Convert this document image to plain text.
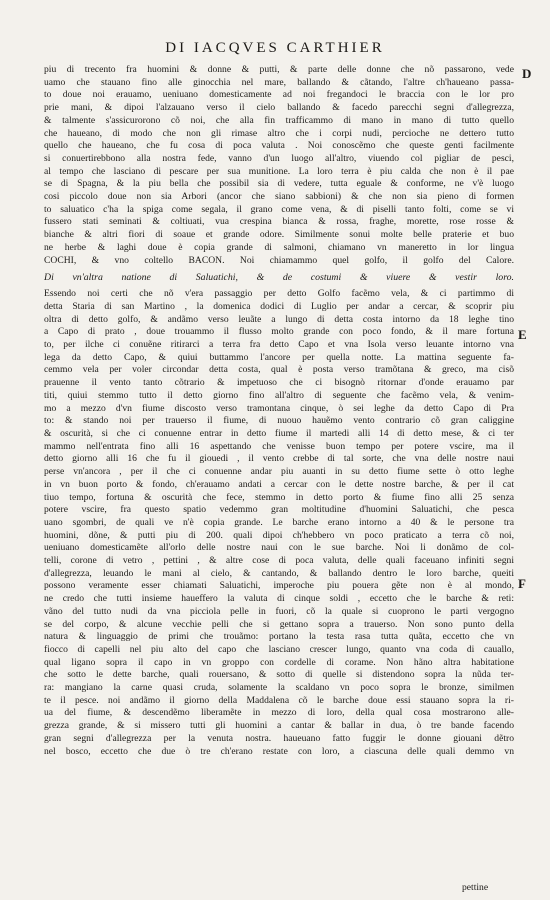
DI IACQVES CARTHIER
D
E
F
piu di trecento fra huomini & donne & putti, & parte delle donne che nõ passarono, vede
uamo che stauano fino alle ginocchia nel mare, ballando & cãtando, l'altre ch'haueano passa-
to doue noi erauamo, ueniuano domesticamente ad noi fregandoci le braccia con le lor pro
prie mani, & dipoi l'alzauano verso il cielo ballando & facedo parecchi segni d'allegrezza,
& talmente s'assicurorono cõ noi, che alla fin trafficammo di mano in mano di tutto quello
che haueano, di modo che non gli rimase altro che i corpi nudi, percioche ne dettero tutto
quello che haueano, che fu cosa di poca valuta . Noi conoscẽmo che queste genti facilmente
si conuertirebbono alla nostra fede, vanno d'un luogo all'altro, viuendo col pigliar de pesci,
al tempo che lasciano di pescare per sua munitione. La loro terra è piu calda che non è il pae
se di Spagna, & la piu bella che possibil sia di vedere, tutta eguale & conforme, ne v'è luogo
cosi piccolo doue non sia Arbori (ancor che siano sabbioni) & che non sia pieno di formen
to saluatico c'ha la spiga come segala, il grano come vena, & di piselli tanto folti, come se vi
fussero stati seminati & coltiuati, vua crespina bianca & rossa, fraghe, morette, rose rosse &
bianche & altri fiori di soaue et grande odore. Similmente sonui molte belle praterie et buo
ne herbe & laghi doue è copia grande di salmoni, chiamano vn maneretto in lor lingua
COCHI, & vno coltello BACON. Noi chiamammo quel golfo, il golfo del Calore.
Di vn'altra natione di Saluatichi, & de costumi & viuere & vestir loro.
Essendo noi certi che nõ v'era passaggio per detto Golfo facẽmo vela, & ci partimmo di
detta Staria di san Martino , la domenica dodici di Luglio per andar a cercar, & scoprir piu
oltra di detto golfo, & andãmo verso leuãte a lungo di detta costa intorno da 18 leghe tino
a Capo di prato , doue trouammo il flusso molto grande con poco fondo, & il mare fortuna
to, per ilche ci conuẽne ritirarci a terra fra detto Capo et vna Isola verso leuante intorno vna
lega da detto Capo, & quiui buttammo l'ancore per quella notte. La mattina seguente fa-
cemmo vela per voler circondar detta costa, qual è posta verso tramõtana & greco, ma cisõ
prauenne il vento tanto cõtrario & impetuoso che ci bisognò ritornar d'onde erauamo par
titi, quiui stemmo tutto il detto giorno fino all'altro di seguente che facẽmo vela, & venim-
mo a mezzo d'vn fiume discosto verso tramontana cinque, ò sei leghe da detto Capo di Pra
to: & stando noi per trauerso il fiume, di nuouo hauẽmo vento contrario cõ gran caliggine
& oscurità, si che ci conuenne entrar in detto fiume il martedi alli 14 di detto mese, & ci ter
mammo nell'entrata fino alli 16 aspettando che venisse buon tempo per potere vscire, ma il
detto giorno alli 16 che fu il giouedi , il vento crebbe di tal sorte, che vna delle nostre naui
perse vn'ancora , per il che ci conuenne andar piu auanti in su detto fiume sette ò otto leghe
in vn buon porto & fondo, ch'erauamo andati a cercar con le dette nostre barche, & per il cat
tiuo tempo, fortuna & oscurità che fece, stemmo in detto porto & fiume fino alli 25 senza
potere vscire, fra questo spatio vedemmo gran moltitudine d'huomini Saluatichi, che pesca
uano sgombri, de quali ve n'è copia grande. Le barche erano intorno a 40 & le persone tra
huomini, dõne, & putti piu di 200. quali dipoi ch'hebbero vn poco praticato a terra cõ noi,
ueniuano domesticamẽte all'orlo delle nostre naui con le sue barche. Noi li donãmo de col-
telli, corone di vetro , pettini , & altre cose di poca valuta, delle quali faceuano infiniti segni
d'allegrezza, leuando le mani al cielo, & cantando, & ballando dentro le loro barche, queiti
possono veramente esser chiamati Saluatichi, imperoche piu pouera gẽte non è al mondo,
ne credo che tutti insieme haueffero la valuta di cinque soldi , eccetto che le barche & reti:
vãno del tutto nudi da vna picciola pelle in fuori, cõ la quale si cuoprono le parti vergogno
se del corpo, & alcune vecchie pelli che si gettano sopra a trauerso. Non sono punto della
natura & linguaggio de primi che trouãmo: portano la testa rasa tutta quãta, eccetto che vn
fiocco di capelli nel piu alto del capo che lasciano crescer lungo, quanto vna coda di cauallo,
qual ligano sopra il capo in vn groppo con cordelle di corame. Non hãno altra habitatione
che sotto le dette barche, quali rouersano, & sotto di quelle si distendono sopra la nũda ter-
ra: mangiano la carne quasi cruda, solamente la scaldano vn poco sopra le bronze, similmen
te il pesce. noi andãmo il giorno della Maddalena cõ le barche doue essi stauano sopra la ri-
ua del fiume, & descendẽmo liberamẽte in mezzo di loro, della qual cosa mostrarono alle-
grezza grande, & si missero tutti gli huomini a cantar & ballar in dua, ò tre bande facendo
gran segni d'allegrezza per la venuta nostra. haueuano fatto fuggir le donne giouani dẽtro
nel bosco, eccetto che due ò tre ch'erano restate con loro, a ciascuna delle quali demmo vn
pettine
